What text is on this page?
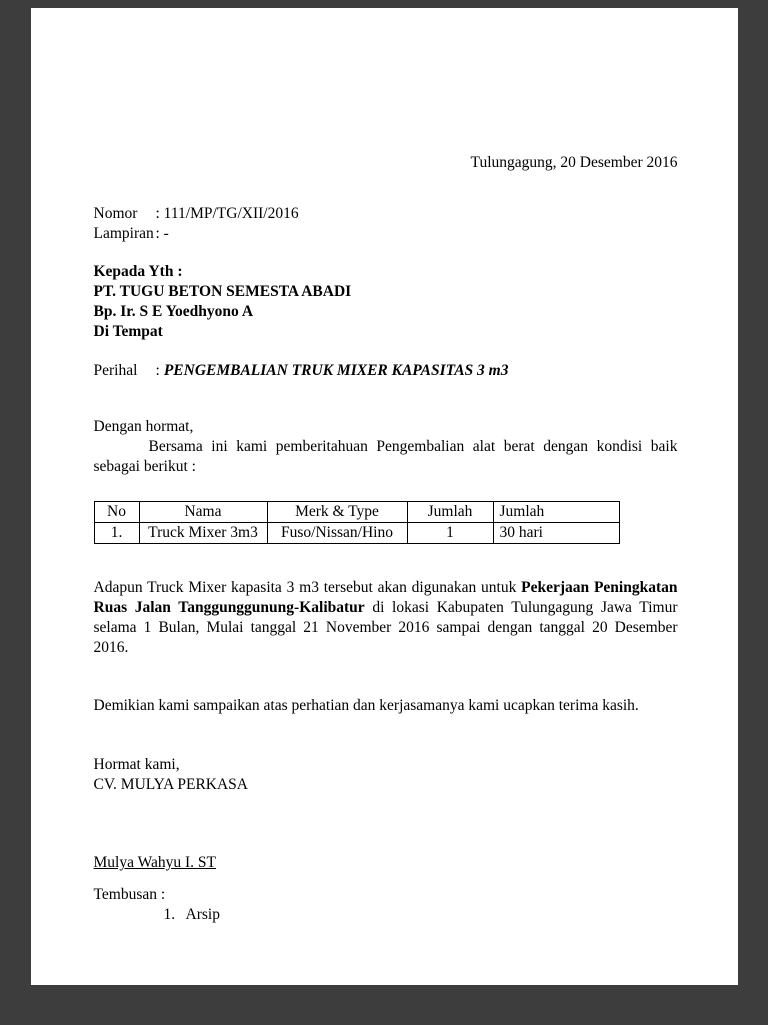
Tulungagung, 20 Desember 2016
Nomor : 111/MP/TG/XII/2016
Lampiran : -
Kepada Yth :
PT. TUGU BETON SEMESTA ABADI
Bp. Ir. S E Yoedhyono A
Di Tempat
Perihal : PENGEMBALIAN TRUK MIXER KAPASITAS 3 m3

Dengan hormat,

Bersama ini kami pemberitahuan Pengembalian alat berat dengan kondisi baik sebagai berikut :

No	Nama	Merk & Type	Jumlah	Jumlah
1.	Truck Mixer 3m3	Fuso/Nissan/Hino	1	30 hari

Adapun Truck Mixer kapasita 3 m3 tersebut akan digunakan untuk Pekerjaan Peningkatan Ruas Jalan Tanggunggunung-Kalibatur di lokasi Kabupaten Tulungagung Jawa Timur selama 1 Bulan, Mulai tanggal 21 November 2016 sampai dengan tanggal 20 Desember 2016.

Demikian kami sampaikan atas perhatian dan kerjasamanya kami ucapkan terima kasih.

Hormat kami,

CV. MULYA PERKASA

Mulya Wahyu I. ST

Tembusan :

1. Arsip
